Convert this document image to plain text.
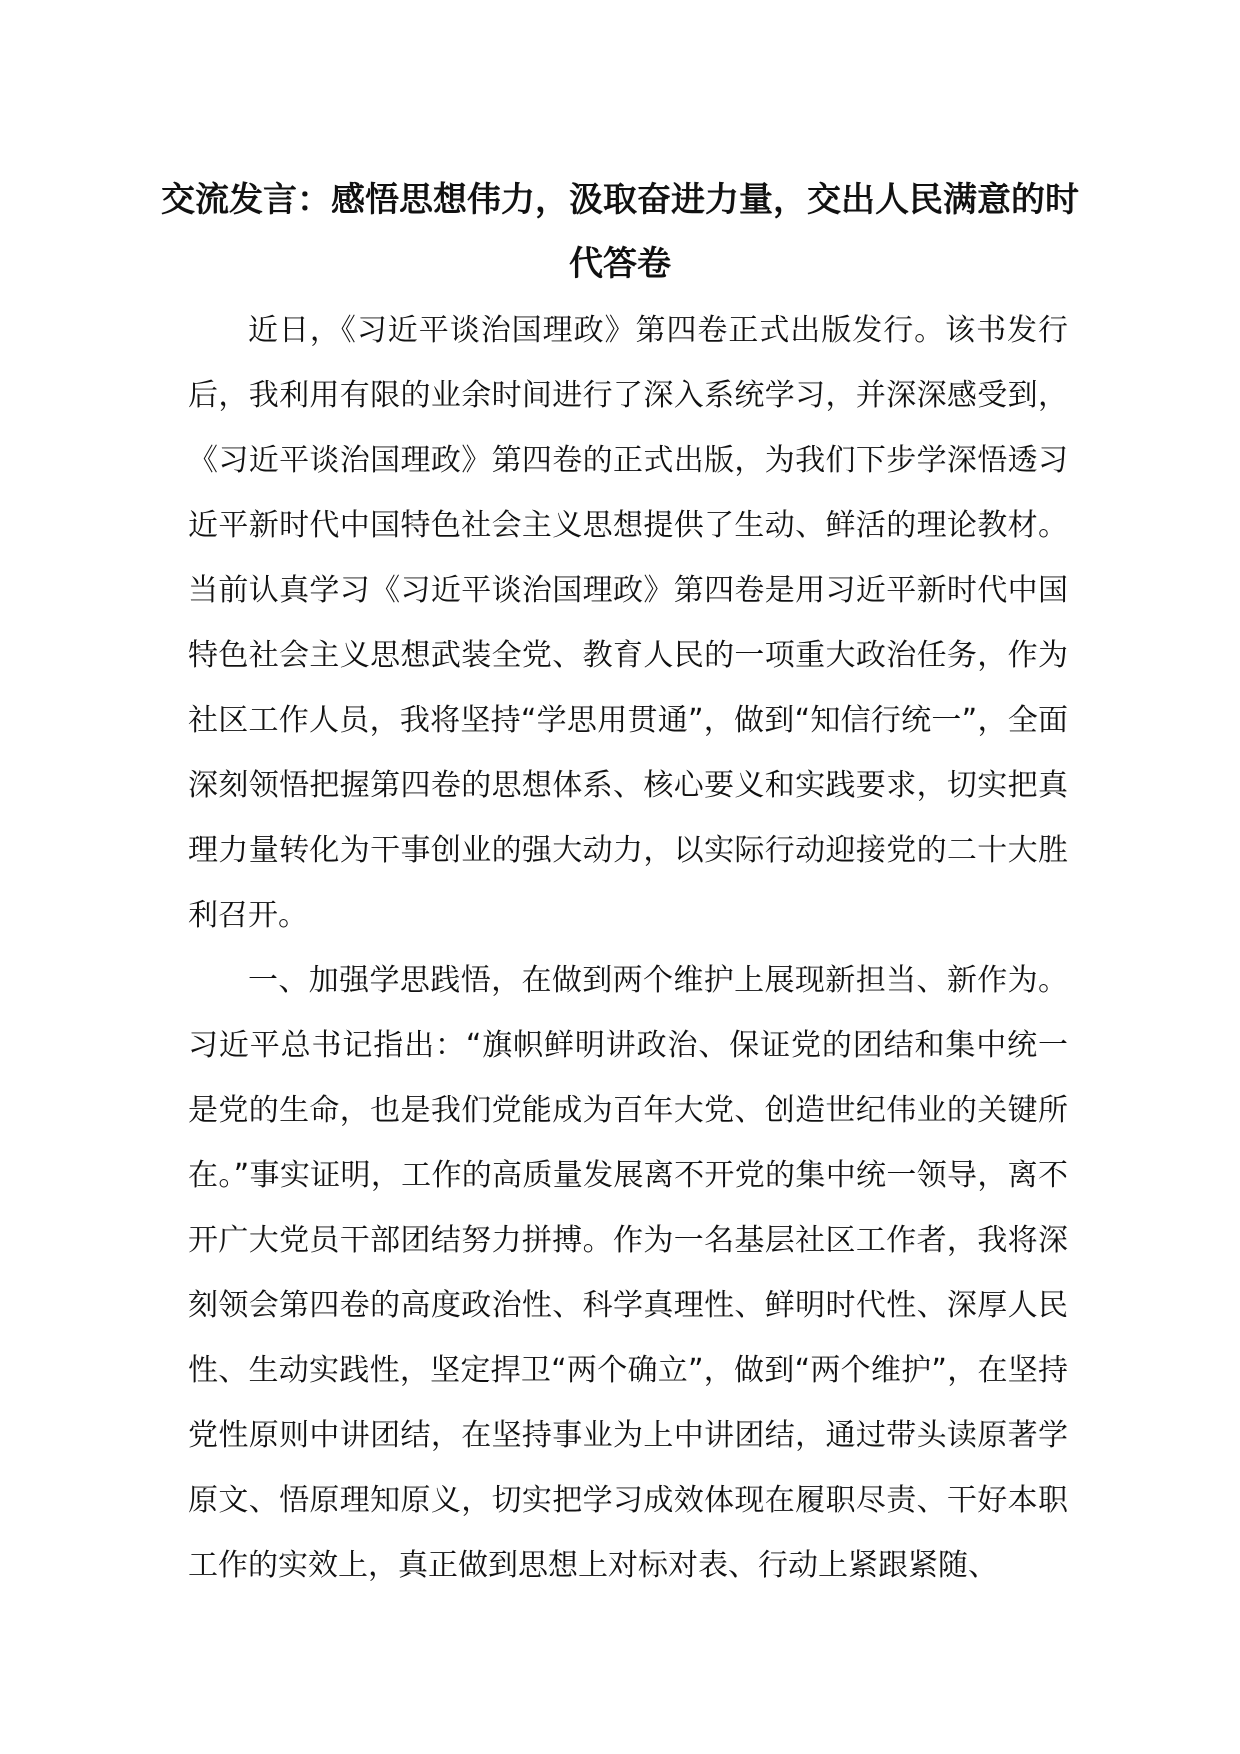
交流发言：感悟思想伟力，汲取奋进力量，交出人民满意的时代答卷

近日，《习近平谈治国理政》第四卷正式出版发行。该书发行后，我利用有限的业余时间进行了深入系统学习，并深深感受到，《习近平谈治国理政》第四卷的正式出版，为我们下步学深悟透习近平新时代中国特色社会主义思想提供了生动、鲜活的理论教材。当前认真学习《习近平谈治国理政》第四卷是用习近平新时代中国特色社会主义思想武装全党、教育人民的一项重大政治任务，作为社区工作人员，我将坚持“学思用贯通”，做到“知信行统一”，全面深刻领悟把握第四卷的思想体系、核心要义和实践要求，切实把真理力量转化为干事创业的强大动力，以实际行动迎接党的二十大胜利召开。

一、加强学思践悟，在做到两个维护上展现新担当、新作为。习近平总书记指出：“旗帜鲜明讲政治、保证党的团结和集中统一是党的生命，也是我们党能成为百年大党、创造世纪伟业的关键所在。”事实证明，工作的高质量发展离不开党的集中统一领导，离不开广大党员干部团结努力拼搏。作为一名基层社区工作者，我将深刻领会第四卷的高度政治性、科学真理性、鲜明时代性、深厚人民性、生动实践性，坚定捍卫“两个确立”，做到“两个维护”，在坚持党性原则中讲团结，在坚持事业为上中讲团结，通过带头读原著学原文、悟原理知原义，切实把学习成效体现在履职尽责、干好本职工作的实效上，真正做到思想上对标对表、行动上紧跟紧随、
